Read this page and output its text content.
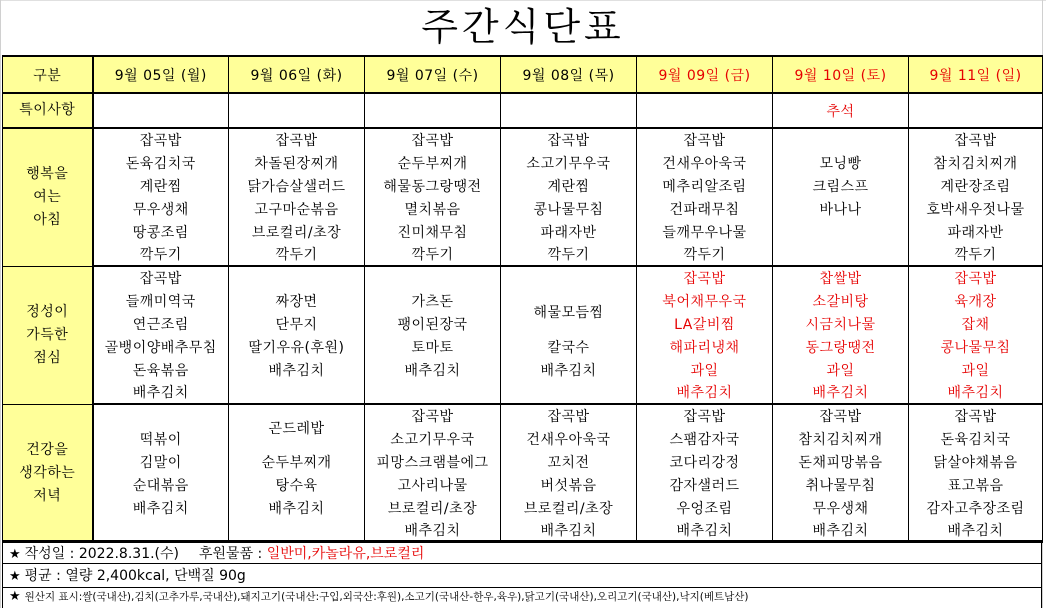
주간식단표
구분	9월 05일 (월)	9월 06일 (화)	9월 07일 (수)	9월 08일 (목)	9월 09일 (금)	9월 10일 (토)	9월 11일 (일)
특이사항						추석	

행복을
여는
아침	잡곡밥	잡곡밥	잡곡밥	잡곡밥	잡곡밥		잡곡밥
	돈육김치국	차돌된장찌개	순두부찌개	소고기무우국	건새우아욱국	모닝빵	참치김치찌개
	계란찜	닭가슴살샐러드	해물동그랑땡전	계란찜	메추리알조림	크림스프	계란장조림
	무우생채	고구마순볶음	멸치볶음	콩나물무침	건파래무침	바나나	호박새우젓나물
	땅콩조림	브로컬리/초장	진미채무침	파래자반	들깨무우나물		파래자반
	깍두기	깍두기	깍두기	깍두기	깍두기		깍두기

정성이
가득한
점심	잡곡밥				잡곡밥	찹쌀밥	잡곡밥
	들깨미역국	짜장면	가츠돈	해물모듬찜	북어채무우국	소갈비탕	육개장
	연근조림	단무지	팽이된장국		LA갈비찜	시금치나물	잡채
	골뱅이양배추무침	딸기우유(후원)	토마토	칼국수	해파리냉채	동그랑땡전	콩나물무침
	돈육볶음	배추김치	배추김치	배추김치	과일	과일	과일
	배추김치				배추김치	배추김치	배추김치

건강을
생각하는
저녁		곤드레밥	잡곡밥	잡곡밥	잡곡밥	잡곡밥	잡곡밥
	떡볶이		소고기무우국	건새우아욱국	스팸감자국	참치김치찌개	돈육김치국
	김말이	순두부찌개	피망스크램블에그	꼬치전	코다리강정	돈채피망볶음	닭살야채볶음
	순대볶음	탕수육	고사리나물	버섯볶음	감자샐러드	취나물무침	표고볶음
	배추김치	배추김치	브로컬리/초장	브로컬리/초장	우엉조림	무우생채	감자고추장조림
			배추김치	배추김치	배추김치	배추김치	배추김치
★ 작성일 : 2022.8.31.(수) 후원물품 : 일반미,카놀라유,브로컬리
★ 평균 : 열량 2,400kcal, 단백질 90g
★ 원산지 표시:쌀(국내산),김치(고추가루,국내산),돼지고기(국내산:구입,외국산:후원),소고기(국내산-한우,육우),닭고기(국내산),오리고기(국내산),낙지(베트남산)
